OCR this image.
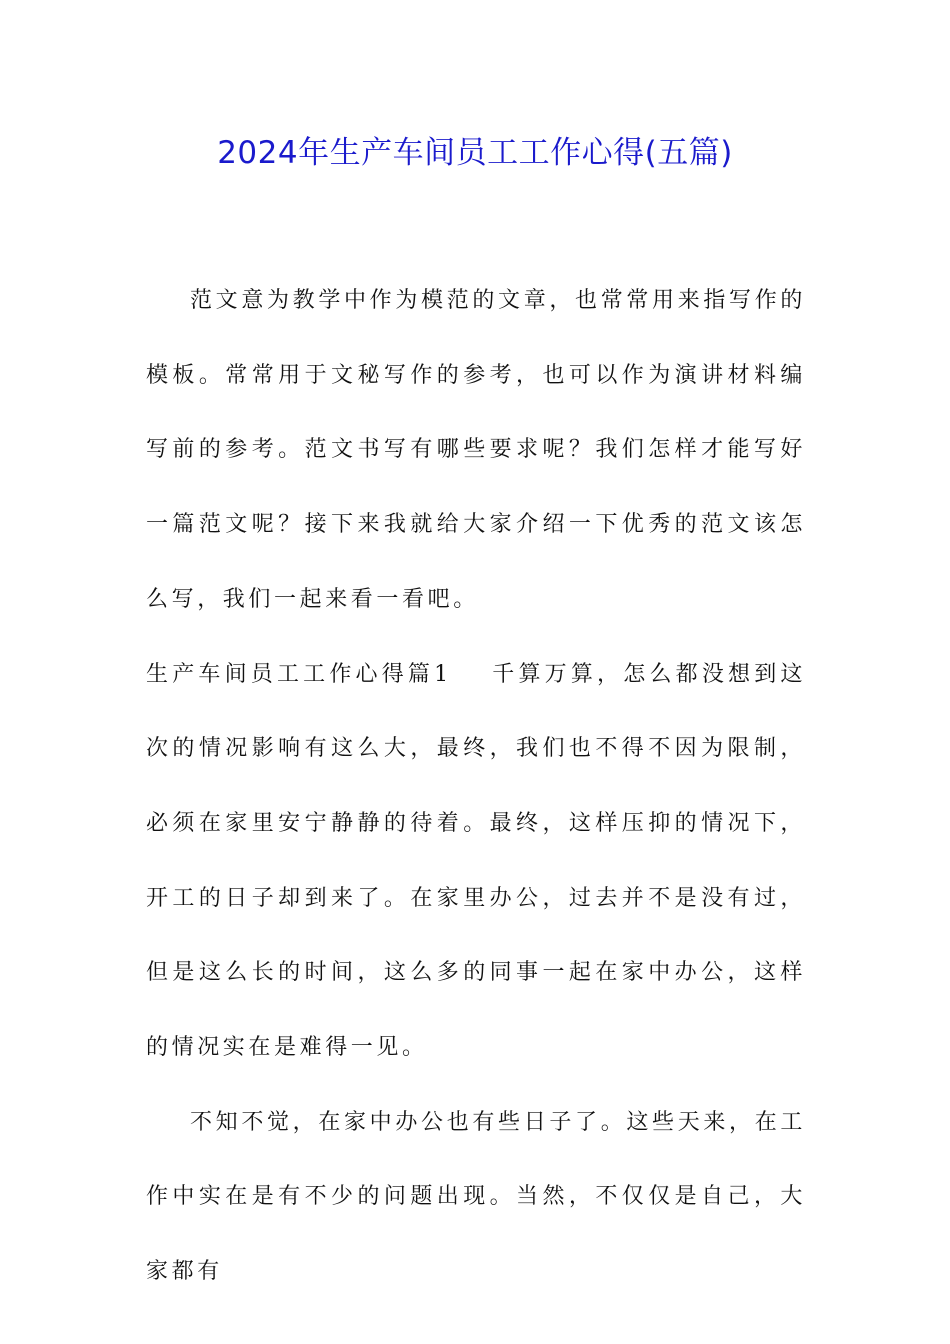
2024年生产车间员工工作心得(五篇)

范文意为教学中作为模范的文章，也常常用来指写作的模板。常常用于文秘写作的参考，也可以作为演讲材料编写前的参考。范文书写有哪些要求呢？我们怎样才能写好一篇范文呢？接下来我就给大家介绍一下优秀的范文该怎么写，我们一起来看一看吧。

生产车间员工工作心得篇1 千算万算，怎么都没想到这次的情况影响有这么大，最终，我们也不得不因为限制，必须在家里安宁静静的待着。最终，这样压抑的情况下，开工的日子却到来了。在家里办公，过去并不是没有过，但是这么长的时间，这么多的同事一起在家中办公，这样的情况实在是难得一见。

不知不觉，在家中办公也有些日子了。这些天来，在工作中实在是有不少的问题出现。当然，不仅仅是自己，大家都有
